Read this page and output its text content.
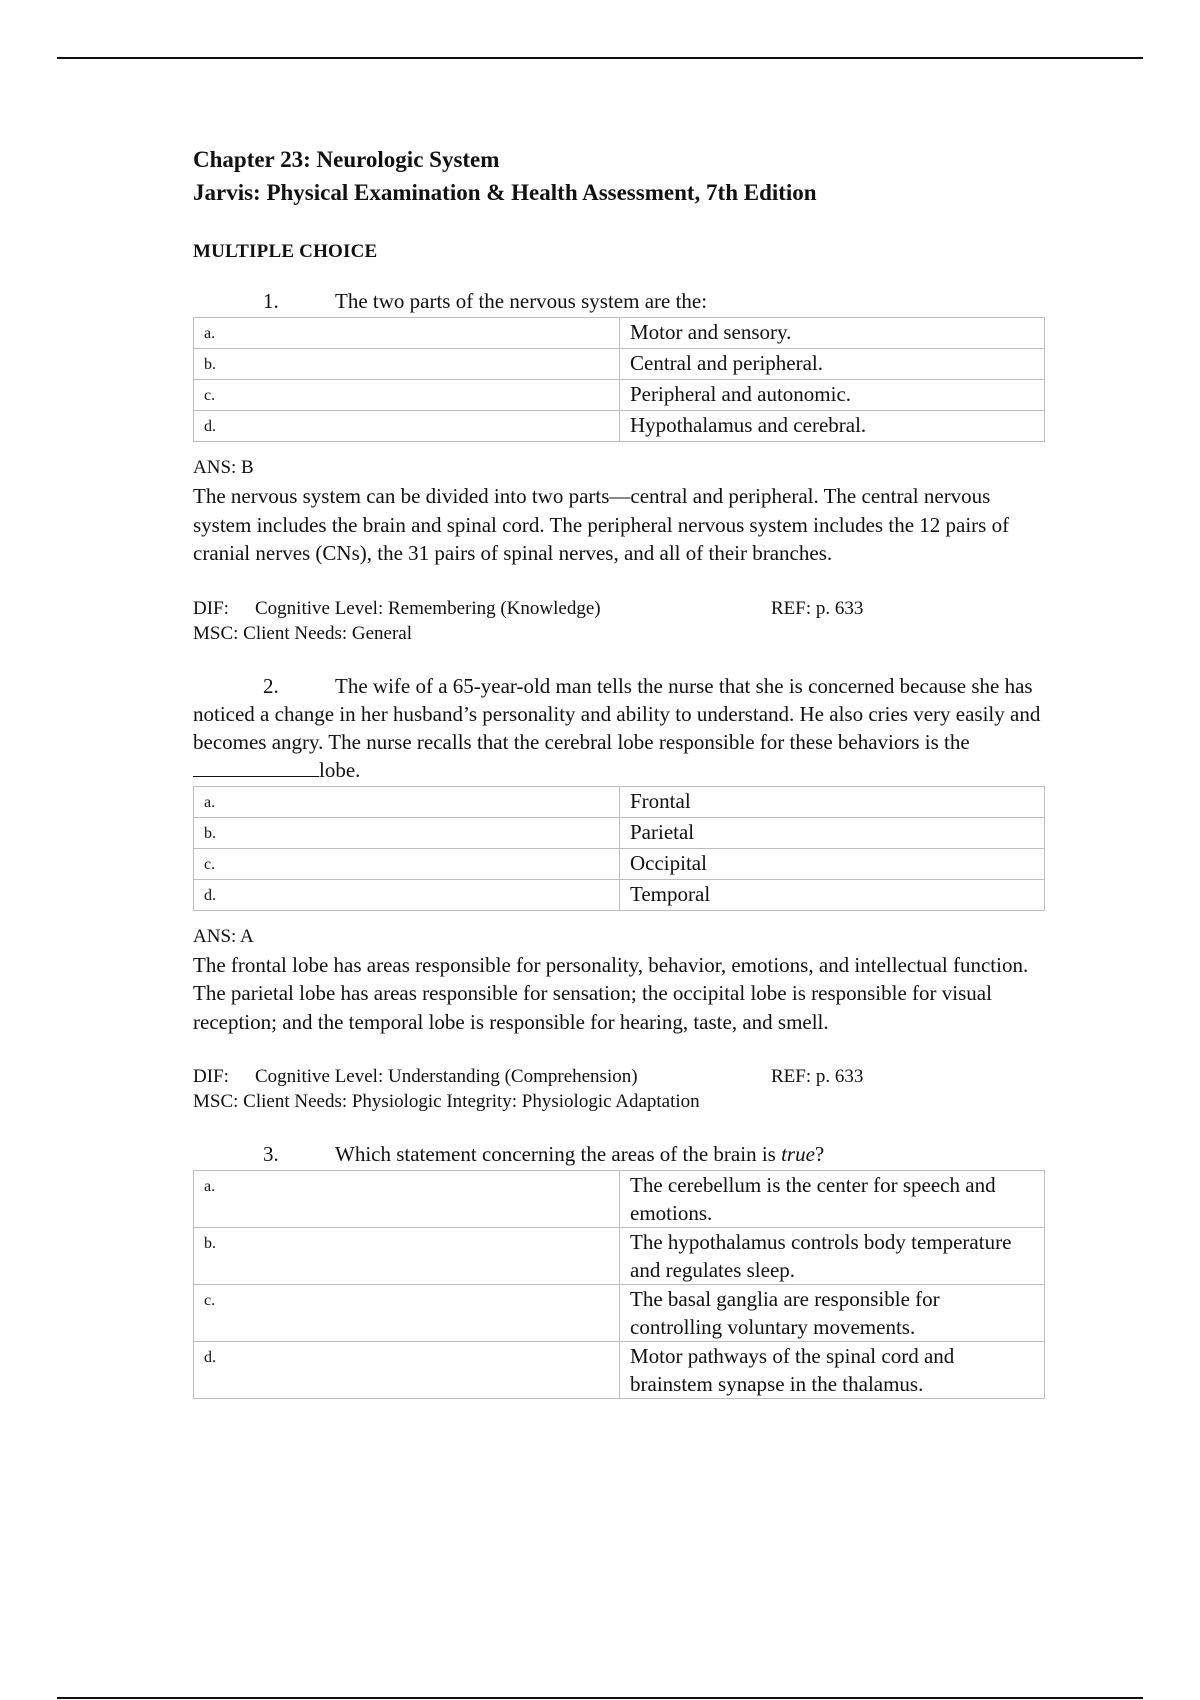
Chapter 23: Neurologic System

Jarvis: Physical Examination & Health Assessment, 7th Edition

MULTIPLE CHOICE

1.	The two parts of the nervous system are the:

a.	Motor and sensory.
b.	Central and peripheral.
c.	Peripheral and autonomic.
d.	Hypothalamus and cerebral.
ANS: B

The nervous system can be divided into two parts—central and peripheral. The central nervous system includes the brain and spinal cord. The peripheral nervous system includes the 12 pairs of cranial nerves (CNs), the 31 pairs of spinal nerves, and all of their branches.

DIF: Cognitive Level: Remembering (Knowledge)	REF: p. 633
MSC: Client Needs: General

2.	The wife of a 65-year-old man tells the nurse that she is concerned because she has noticed a change in her husband’s personality and ability to understand. He also cries very easily and becomes angry. The nurse recalls that the cerebral lobe responsible for these behaviors is thelobe.

a.	Frontal
b.	Parietal
c.	Occipital
d.	Temporal
ANS: A

The frontal lobe has areas responsible for personality, behavior, emotions, and intellectual function. The parietal lobe has areas responsible for sensation; the occipital lobe is responsible for visual reception; and the temporal lobe is responsible for hearing, taste, and smell.

DIF: Cognitive Level: Understanding (Comprehension)	REF: p. 633
MSC: Client Needs: Physiologic Integrity: Physiologic Adaptation

3.	Which statement concerning the areas of the brain is true?

a.	The cerebellum is the center for speech and emotions.
b.	The hypothalamus controls body temperature and regulates sleep.
c.	The basal ganglia are responsible for controlling voluntary movements.
d.	Motor pathways of the spinal cord and brainstem synapse in the thalamus.
